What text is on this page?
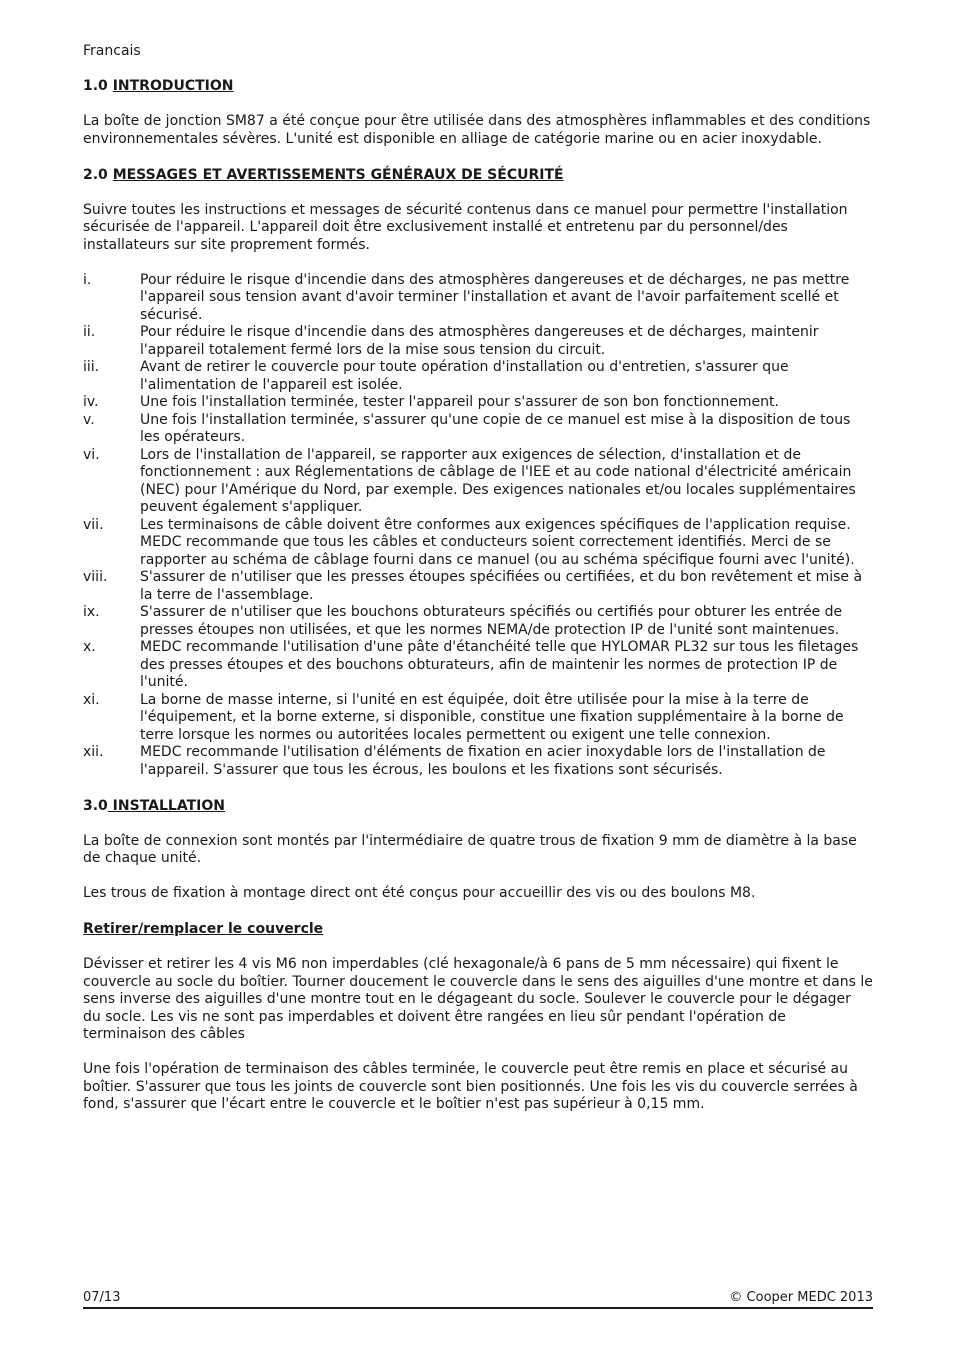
Francais
1.0 INTRODUCTION
La boîte de jonction SM87 a été conçue pour être utilisée dans des atmosphères inflammables et des conditions environnementales sévères. L'unité est disponible en alliage de catégorie marine ou en acier inoxydable.
2.0 MESSAGES ET AVERTISSEMENTS GÉNÉRAUX DE SÉCURITÉ
Suivre toutes les instructions et messages de sécurité contenus dans ce manuel pour permettre l'installation sécurisée de l'appareil. L'appareil doit être exclusivement installé et entretenu par du personnel/des installateurs sur site proprement formés.
i.	Pour réduire le risque d'incendie dans des atmosphères dangereuses et de décharges, ne pas mettre l'appareil sous tension avant d'avoir terminer l'installation et avant de l'avoir parfaitement scellé et sécurisé.
ii.	Pour réduire le risque d'incendie dans des atmosphères dangereuses et de décharges, maintenir l'appareil totalement fermé lors de la mise sous tension du circuit.
iii.	Avant de retirer le couvercle pour toute opération d'installation ou d'entretien, s'assurer que l'alimentation de l'appareil est isolée.
iv.	Une fois l'installation terminée, tester l'appareil pour s'assurer de son bon fonctionnement.
v.	Une fois l'installation terminée, s'assurer qu'une copie de ce manuel est mise à la disposition de tous les opérateurs.
vi.	Lors de l'installation de l'appareil, se rapporter aux exigences de sélection, d'installation et de fonctionnement : aux Réglementations de câblage de l'IEE et au code national d'électricité américain (NEC) pour l'Amérique du Nord, par exemple. Des exigences nationales et/ou locales supplémentaires peuvent également s'appliquer.
vii.	Les terminaisons de câble doivent être conformes aux exigences spécifiques de l'application requise. MEDC recommande que tous les câbles et conducteurs soient correctement identifiés. Merci de se rapporter au schéma de câblage fourni dans ce manuel (ou au schéma spécifique fourni avec l'unité).
viii.	S'assurer de n'utiliser que les presses étoupes spécifiées ou certifiées, et du bon revêtement et mise à la terre de l'assemblage.
ix.	S'assurer de n'utiliser que les bouchons obturateurs spécifiés ou certifiés pour obturer les entrée de presses étoupes non utilisées, et que les normes NEMA/de protection IP de l'unité sont maintenues.
x.	MEDC recommande l'utilisation d'une pâte d'étanchéité telle que HYLOMAR PL32 sur tous les filetages des presses étoupes et des bouchons obturateurs, afin de maintenir les normes de protection IP de l'unité.
xi.	La borne de masse interne, si l'unité en est équipée, doit être utilisée pour la mise à la terre de l'équipement, et la borne externe, si disponible, constitue une fixation supplémentaire à la borne de terre lorsque les normes ou autoritées locales permettent ou exigent une telle connexion.
xii.	MEDC recommande l'utilisation d'éléments de fixation en acier inoxydable lors de l'installation de l'appareil. S'assurer que tous les écrous, les boulons et les fixations sont sécurisés.
3.0 INSTALLATION
La boîte de connexion sont montés par l'intermédiaire de quatre trous de fixation 9 mm de diamètre à la base de chaque unité.
Les trous de fixation à montage direct ont été conçus pour accueillir des vis ou des boulons M8.
Retirer/remplacer le couvercle
Dévisser et retirer les 4 vis M6 non imperdables (clé hexagonale/à 6 pans de 5 mm nécessaire) qui fixent le couvercle au socle du boîtier. Tourner doucement le couvercle dans le sens des aiguilles d'une montre et dans le sens inverse des aiguilles d'une montre tout en le dégageant du socle. Soulever le couvercle pour le dégager du socle. Les vis ne sont pas imperdables et doivent être rangées en lieu sûr pendant l'opération de terminaison des câbles
Une fois l'opération de terminaison des câbles terminée, le couvercle peut être remis en place et sécurisé au boîtier. S'assurer que tous les joints de couvercle sont bien positionnés. Une fois les vis du couvercle serrées à fond, s'assurer que l'écart entre le couvercle et le boîtier n'est pas supérieur à 0,15 mm.
07/13	© Cooper MEDC 2013
